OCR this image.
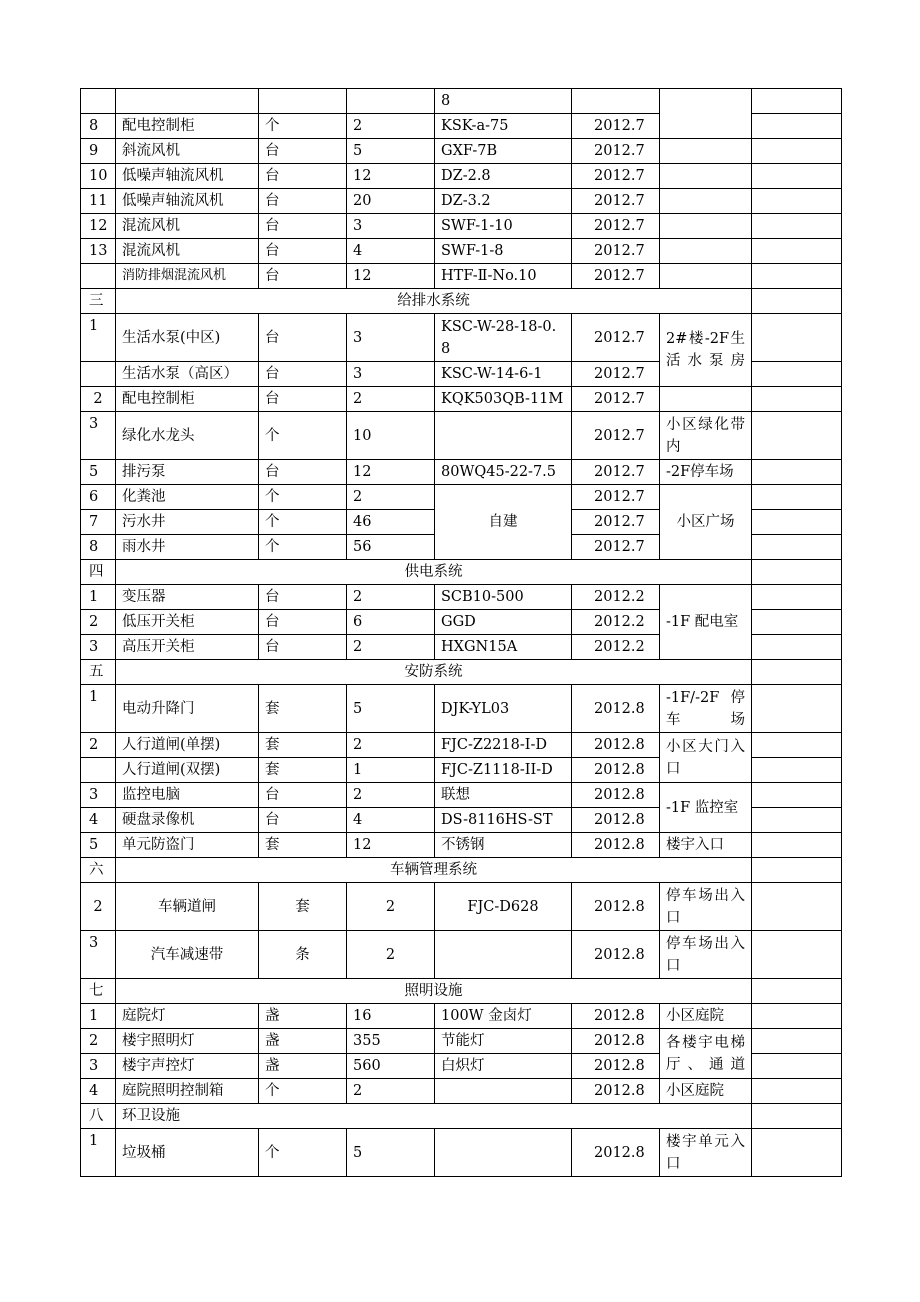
				8			
8	配电控制柜	个	2	KSK-a-75	2012.7		
9	斜流风机	台	5	GXF-7B	2012.7		
10	低噪声轴流风机	台	12	DZ-2.8	2012.7		
11	低噪声轴流风机	台	20	DZ-3.2	2012.7		
12	混流风机	台	3	SWF-1-10	2012.7		
13	混流风机	台	4	SWF-1-8	2012.7		
	消防排烟混流风机	台	12	HTF-Ⅱ-No.10	2012.7		
三	给排水系统						
1	生活水泵(中区)	台	3	KSC-W-28-18-0.8	2012.7	2#楼-2F生活水泵房	
	生活水泵（高区）	台	3	KSC-W-14-6-1	2012.7		
2	配电控制柜	台	2	KQK503QB-11M	2012.7		
3	绿化水龙头	个	10		2012.7	小区绿化带内	
5	排污泵	台	12	80WQ45-22-7.5	2012.7	-2F停车场	
6	化粪池	个	2	自建	2012.7	小区广场	
7	污水井	个	46		2012.7		
8	雨水井	个	56		2012.7		
四	供电系统						
1	变压器	台	2	SCB10-500	2012.2	-1F 配电室	
2	低压开关柜	台	6	GGD	2012.2		
3	高压开关柜	台	2	HXGN15A	2012.2		
五	安防系统						
1	电动升降门	套	5	DJK-YL03	2012.8	-1F/-2F 停车场	
2	人行道闸(单摆)	套	2	FJC-Z2218-I-D	2012.8	小区大门入口	
	人行道闸(双摆)	套	1	FJC-Z1118-II-D	2012.8		
3	监控电脑	台	2	联想	2012.8	-1F 监控室	
4	硬盘录像机	台	4	DS-8116HS-ST	2012.8		
5	单元防盗门	套	12	不锈钢	2012.8	楼宇入口	
六	车辆管理系统						
2	车辆道闸	套	2	FJC-D628	2012.8	停车场出入口	
3	汽车减速带	条	2		2012.8	停车场出入口	
七	照明设施						
1	庭院灯	盏	16	100W 金卤灯	2012.8	小区庭院	
2	楼宇照明灯	盏	355	节能灯	2012.8	各楼宇电梯厅、通道	
3	楼宇声控灯	盏	560	白炽灯	2012.8		
4	庭院照明控制箱	个	2		2012.8	小区庭院	
八	环卫设施						
1	垃圾桶	个	5		2012.8	楼宇单元入口	
